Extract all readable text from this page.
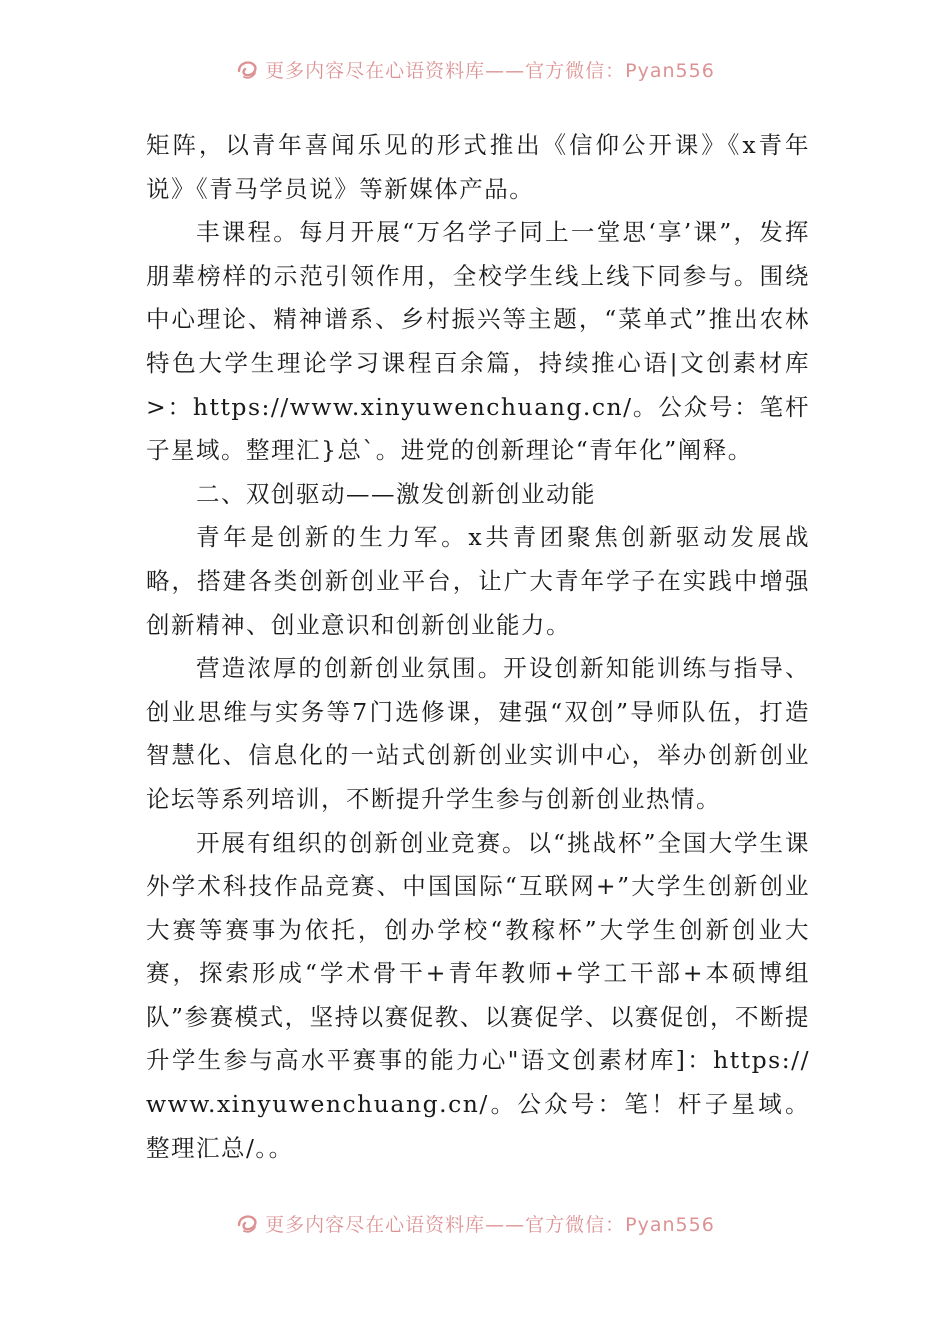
更多内容尽在心语资料库——官方微信：Pyan556

矩阵，以青年喜闻乐见的形式推出《信仰公开课》《x青年说》《青马学员说》等新媒体产品。

丰课程。每月开展“万名学子同上一堂思‘享’课”，发挥朋辈榜样的示范引领作用，全校学生线上线下同参与。围绕中心理论、精神谱系、乡村振兴等主题，“菜单式”推出农林特色大学生理论学习课程百余篇，持续推心语|文创素材库>：https://www.xinyuwenchuang.cn/。公众号：笔杆子星域。整理汇}总`。进党的创新理论“青年化”阐释。

二、双创驱动——激发创新创业动能

青年是创新的生力军。x共青团聚焦创新驱动发展战略，搭建各类创新创业平台，让广大青年学子在实践中增强创新精神、创业意识和创新创业能力。

营造浓厚的创新创业氛围。开设创新知能训练与指导、创业思维与实务等7门选修课，建强“双创”导师队伍，打造智慧化、信息化的一站式创新创业实训中心，举办创新创业论坛等系列培训，不断提升学生参与创新创业热情。

开展有组织的创新创业竞赛。以“挑战杯”全国大学生课外学术科技作品竞赛、中国国际“互联网+”大学生创新创业大赛等赛事为依托，创办学校“教稼杯”大学生创新创业大赛，探索形成“学术骨干+青年教师+学工干部+本硕博组队”参赛模式，坚持以赛促教、以赛促学、以赛促创，不断提升学生参与高水平赛事的能力心"语文创素材库]：https://www.xinyuwenchuang.cn/。公众号：笔！杆子星域。整理汇总/。。

更多内容尽在心语资料库——官方微信：Pyan556
